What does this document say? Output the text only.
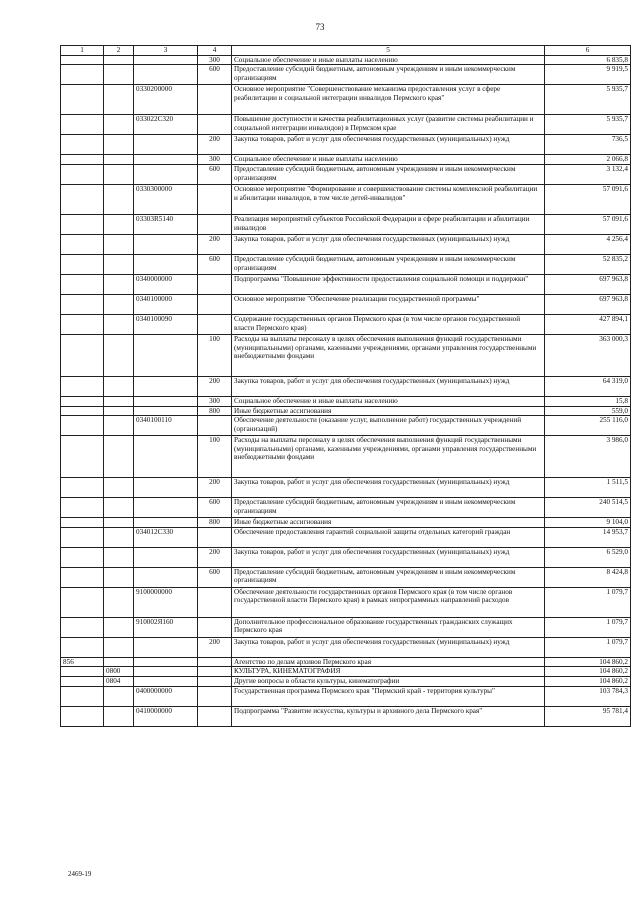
73
1	2	3	4	5	6
			300	Социальное обеспечение и иные выплаты населению	6 835,8
			600	Предоставление субсидий бюджетным, автономным учреждениям и иным некоммерческим организациям	9 919,5
		0330200000		Основное мероприятие "Совершенствование механизма предоставления услуг в сфере реабилитации и социальной интеграции инвалидов Пермского края"	5 935,7
		033022С320		Повышение доступности и качества реабилитационных услуг (развитие системы реабилитации и социальной интеграции инвалидов) в Пермском крае	5 935,7
			200	Закупка товаров, работ и услуг для обеспечения государственных (муниципальных) нужд	736,5
			300	Социальное обеспечение и иные выплаты населению	2 066,8
			600	Предоставление субсидий бюджетным, автономным учреждениям и иным некоммерческим организациям	3 132,4
		0330300000		Основное мероприятие "Формирование и совершенствование системы комплексной реабилитации и абилитации инвалидов, в том числе детей-инвалидов"	57 091,6
		03303R5140		Реализация мероприятий субъектов Российской Федерации в сфере реабилитации и абилитации инвалидов	57 091,6
			200	Закупка товаров, работ и услуг для обеспечения государственных (муниципальных) нужд	4 256,4
			600	Предоставление субсидий бюджетным, автономным учреждениям и иным некоммерческим организациям	52 835,2
		0340000000		Подпрограмма "Повышение эффективности предоставления социальной помощи и поддержки"	697 963,8
		0340100000		Основное мероприятие "Обеспечение реализации государственной программы"	697 963,8
		0340100090		Содержание государственных органов Пермского края (в том числе органов государственной власти Пермского края)	427 894,1
			100	Расходы на выплаты персоналу в целях обеспечения выполнения функций государственными (муниципальными) органами, казенными учреждениями, органами управления государственными внебюджетными фондами	363 000,3
			200	Закупка товаров, работ и услуг для обеспечения государственных (муниципальных) нужд	64 319,0
			300	Социальное обеспечение и иные выплаты населению	15,8
			800	Иные бюджетные ассигнования	559,0
		0340100110		Обеспечение деятельности (оказание услуг, выполнение работ) государственных учреждений (организаций)	255 116,0
			100	Расходы на выплаты персоналу в целях обеспечения выполнения функций государственными (муниципальными) органами, казенными учреждениями, органами управления государственными внебюджетными фондами	3 986,0
			200	Закупка товаров, работ и услуг для обеспечения государственных (муниципальных) нужд	1 511,5
			600	Предоставление субсидий бюджетным, автономным учреждениям и иным некоммерческим организациям	240 514,5
			800	Иные бюджетные ассигнования	9 104,0
		034012С330		Обеспечение предоставления гарантий социальной защиты отдельных категорий граждан	14 953,7
			200	Закупка товаров, работ и услуг для обеспечения государственных (муниципальных) нужд	6 529,0
			600	Предоставление субсидий бюджетным, автономным учреждениям и иным некоммерческим организациям	8 424,8
		9100000000		Обеспечение деятельности государственных органов Пермского края (в том числе органов государственной власти Пермского края) в рамках непрограммных направлений расходов	1 079,7
		910002Я160		Дополнительное профессиональное образование государственных гражданских служащих Пермского края	1 079,7
			200	Закупка товаров, работ и услуг для обеспечения государственных (муниципальных) нужд	1 079,7
856				Агентство по делам архивов Пермского края	104 860,2
	0800			КУЛЬТУРА, КИНЕМАТОГРАФИЯ	104 860,2
	0804			Другие вопросы в области культуры, кинематографии	104 860,2
		0400000000		Государственная программа Пермского края "Пермский край - территория культуры"	103 784,3
		0410000000		Подпрограмма "Развитие искусства, культуры и архивного дела Пермского края"	95 781,4
2469-19
